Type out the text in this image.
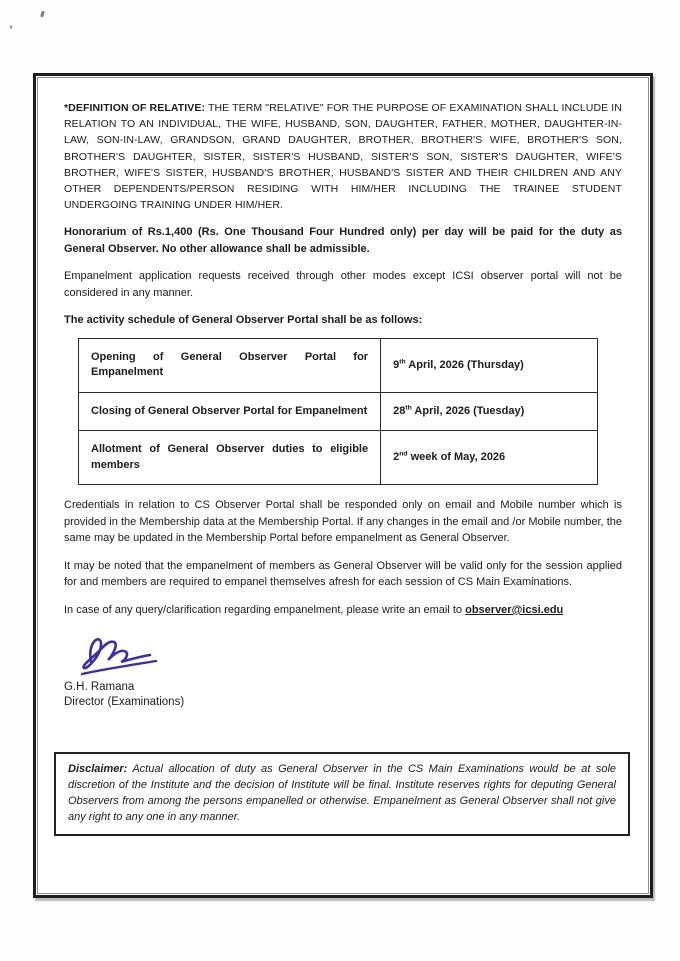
*DEFINITION OF RELATIVE: THE TERM "RELATIVE" FOR THE PURPOSE OF EXAMINATION SHALL INCLUDE IN RELATION TO AN INDIVIDUAL, THE WIFE, HUSBAND, SON, DAUGHTER, FATHER, MOTHER, DAUGHTER-IN-LAW, SON-IN-LAW, GRANDSON, GRAND DAUGHTER, BROTHER, BROTHER'S WIFE, BROTHER'S SON, BROTHER'S DAUGHTER, SISTER, SISTER'S HUSBAND, SISTER'S SON, SISTER'S DAUGHTER, WIFE'S BROTHER, WIFE'S SISTER, HUSBAND'S BROTHER, HUSBAND'S SISTER AND THEIR CHILDREN AND ANY OTHER DEPENDENTS/PERSON RESIDING WITH HIM/HER INCLUDING THE TRAINEE STUDENT UNDERGOING TRAINING UNDER HIM/HER.

Honorarium of Rs.1,400 (Rs. One Thousand Four Hundred only) per day will be paid for the duty as General Observer. No other allowance shall be admissible.

Empanelment application requests received through other modes except ICSI observer portal will not be considered in any manner.

The activity schedule of General Observer Portal shall be as follows:

Opening of General Observer Portal for Empanelment	9th April, 2026 (Thursday)
Closing of General Observer Portal for Empanelment	28th April, 2026 (Tuesday)
Allotment of General Observer duties to eligible members	2nd week of May, 2026

Credentials in relation to CS Observer Portal shall be responded only on email and Mobile number which is provided in the Membership data at the Membership Portal. If any changes in the email and /or Mobile number, the same may be updated in the Membership Portal before empanelment as General Observer.

It may be noted that the empanelment of members as General Observer will be valid only for the session applied for and members are required to empanel themselves afresh for each session of CS Main Examinations.

In case of any query/clarification regarding empanelment, please write an email to observer@icsi.edu

G.H. Ramana

Director (Examinations)

Disclaimer: Actual allocation of duty as General Observer in the CS Main Examinations would be at sole discretion of the Institute and the decision of Institute will be final. Institute reserves rights for deputing General Observers from among the persons empanelled or otherwise. Empanelment as General Observer shall not give any right to any one in any manner.
